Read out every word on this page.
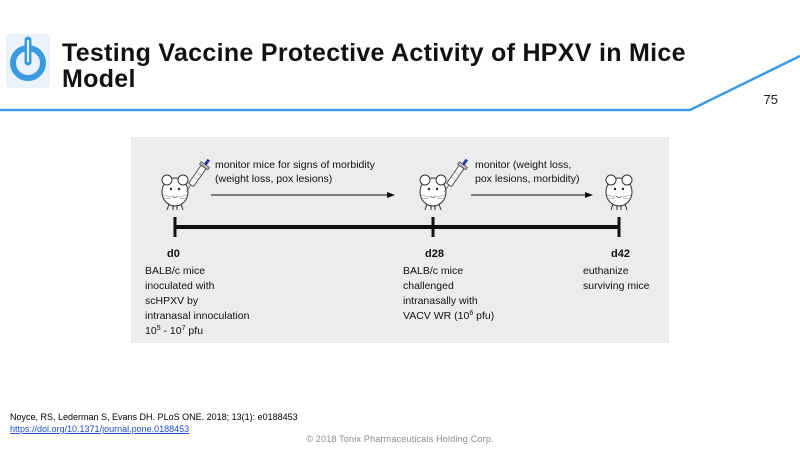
Testing Vaccine Protective Activity of HPXV in Mice Model
75
monitor mice for signs of morbidity
(weight loss, pox lesions)
monitor (weight loss,
pox lesions, morbidity)
d0	d28	d42
BALB/c mice
inoculated with
scHPXV by
intranasal innoculation
$10^5 - 10^7$ pfu
BALB/c mice
challenged
intranasally with
VACV WR ($10^6$ pfu)
euthanize
surviving mice
Noyce, RS, Lederman S, Evans DH. PLoS ONE. 2018; 13(1): e0188453
https://doi.org/10.1371/journal.pone.0188453
© 2018 Tonix Pharmaceuticals Holding Corp.
